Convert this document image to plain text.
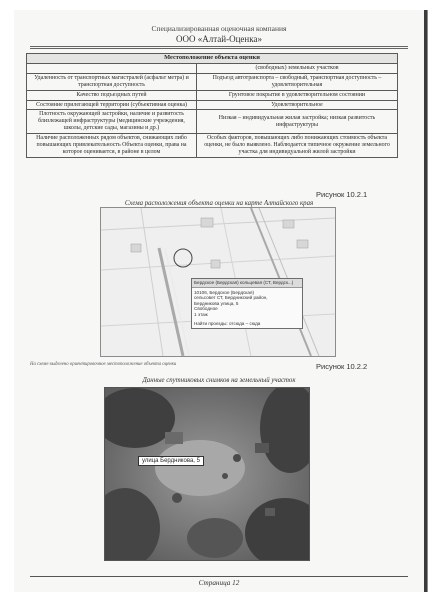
Специализированная оценочная компания
ООО «Алтай-Оценка»
Местоположение объекта оценки	
	(свободных) земельных участков
Удаленность от транспортных магистралей (асфальт метра) и транспортная доступность	Подъезд автотранспорта – свободный, транспортная доступность – удовлетворительная
Качество подъездных путей	Грунтовое покрытие в удовлетворительном состоянии
Состояние прилегающей территории (субъективная оценка)	Удовлетворительное
Плотность окружающей застройки, наличие и развитость близлежащей инфраструктуры (медицинские учреждения, школы, детские сады, магазины и др.)	Низкая – индивидуальная жилая застройка; низкая развитость инфраструктуры
Наличие расположенных рядом объектов, снижающих либо повышающих привлекательность Объекта оценки, права на которое оценивается, в районе в целом	Особых факторов, повышающих либо понижающих стоимость объекта оценки, не было выявлено. Наблюдается типичное окружение земельного участка для индивидуальной жилой застройки
Рисунок 10.2.1
Схема расположения объекта оценки на карте Алтайского края
Бердское (Бердская) кольцевая (СТ, Вердск...)
10106, Бердское (Бердская)
сельсовет СТ, Бердникский район,
Бердникова улица, 5
Свободное
1 этаж
Найти проезды: отсюда – сюда
На схеме выделено ориентировочное местоположение объекта оценки	Рисунок 10.2.2
Данные спутниковых снимков на земельный участок
улица Бердникова, 5
Страница 12
